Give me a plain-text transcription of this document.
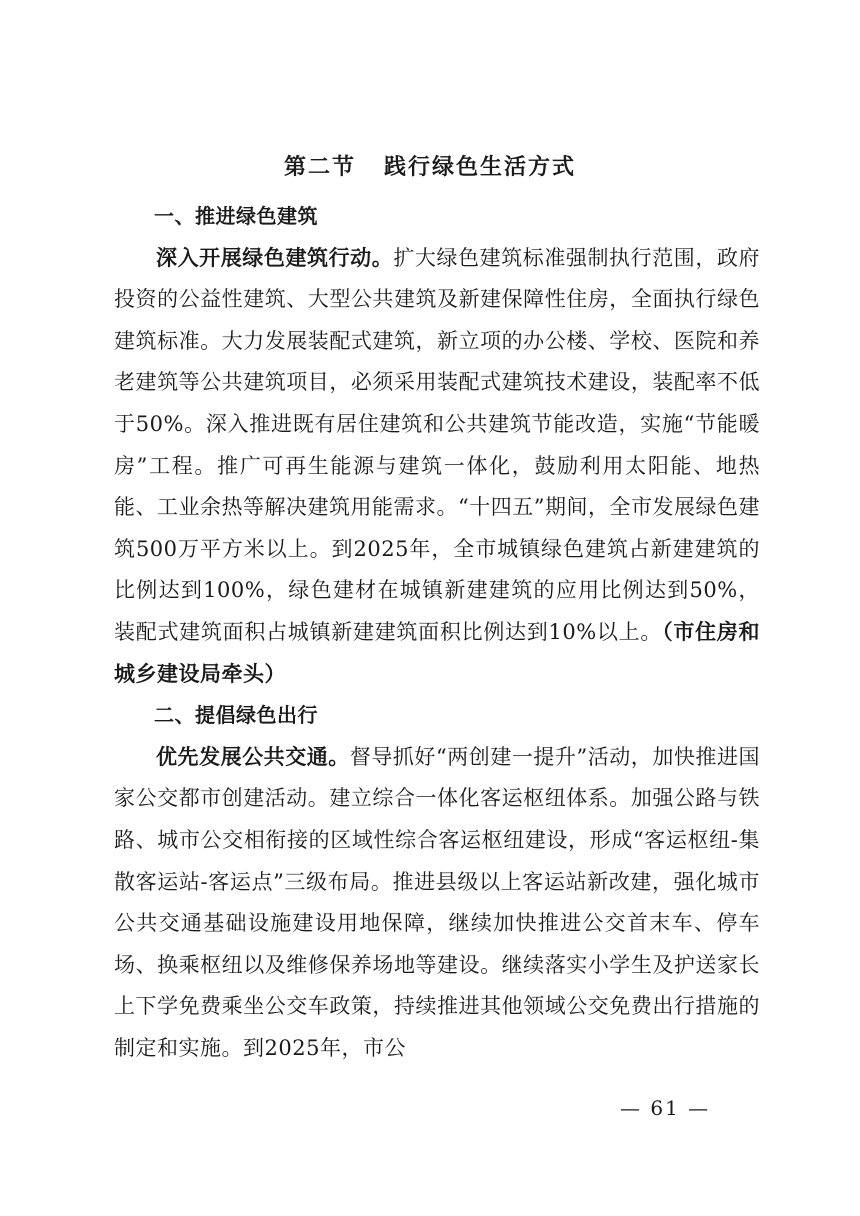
第二节 践行绿色生活方式

一、推进绿色建筑

深入开展绿色建筑行动。扩大绿色建筑标准强制执行范围，政府投资的公益性建筑、大型公共建筑及新建保障性住房，全面执行绿色建筑标准。大力发展装配式建筑，新立项的办公楼、学校、医院和养老建筑等公共建筑项目，必须采用装配式建筑技术建设，装配率不低于50%。深入推进既有居住建筑和公共建筑节能改造，实施“节能暖房”工程。推广可再生能源与建筑一体化，鼓励利用太阳能、地热能、工业余热等解决建筑用能需求。“十四五”期间，全市发展绿色建筑500万平方米以上。到2025年，全市城镇绿色建筑占新建建筑的比例达到100%，绿色建材在城镇新建建筑的应用比例达到50%，装配式建筑面积占城镇新建建筑面积比例达到10%以上。（市住房和城乡建设局牵头）

二、提倡绿色出行

优先发展公共交通。督导抓好“两创建一提升”活动，加快推进国家公交都市创建活动。建立综合一体化客运枢纽体系。加强公路与铁路、城市公交相衔接的区域性综合客运枢纽建设，形成“客运枢纽-集散客运站-客运点”三级布局。推进县级以上客运站新改建，强化城市公共交通基础设施建设用地保障，继续加快推进公交首末车、停车场、换乘枢纽以及维修保养场地等建设。继续落实小学生及护送家长上下学免费乘坐公交车政策，持续推进其他领域公交免费出行措施的制定和实施。到2025年，市公

— 61 —
